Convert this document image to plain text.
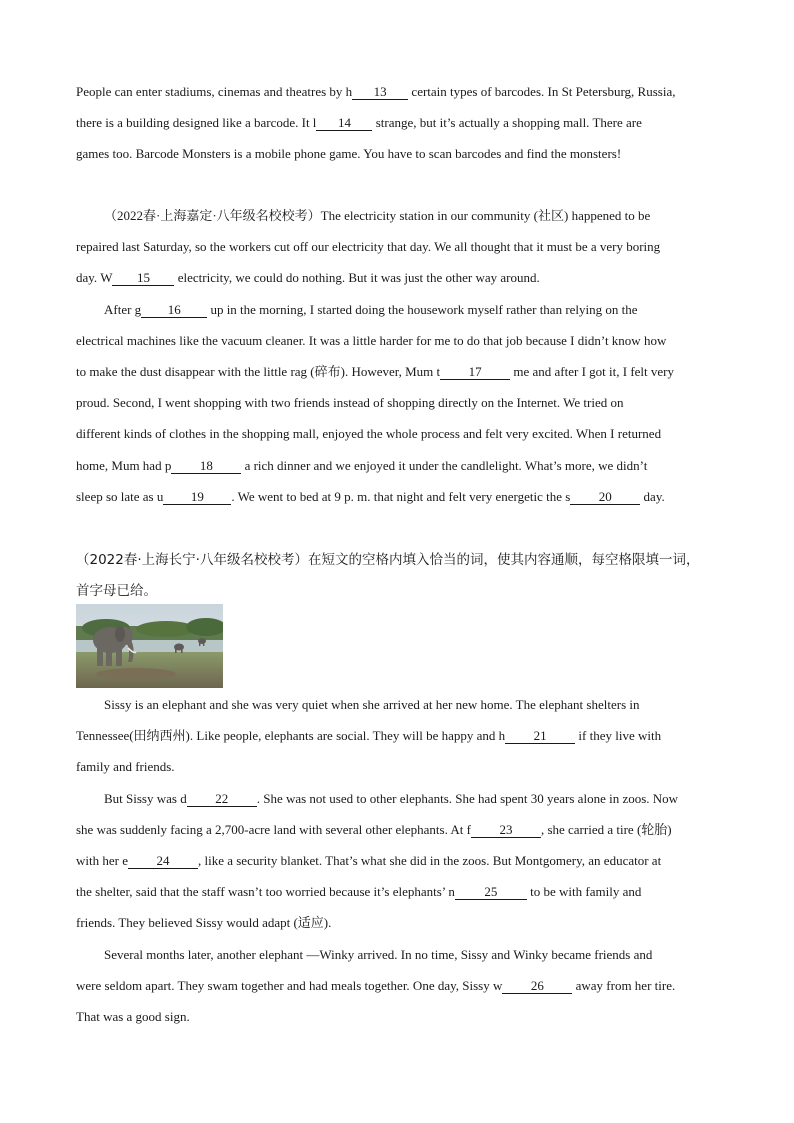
People can enter stadiums, cinemas and theatres by h 13 certain types of barcodes. In St Petersburg, Russia,
there is a building designed like a barcode. It l 14 strange, but it’s actually a shopping mall. There are
games too. Barcode Monsters is a mobile phone game. You have to scan barcodes and find the monsters!
（2022春·上海嘉定·八年级名校校考）The electricity station in our community (社区) happened to be
repaired last Saturday, so the workers cut off our electricity that day. We all thought that it must be a very boring
day. W 15 electricity, we could do nothing. But it was just the other way around.
After g 16 up in the morning, I started doing the housework myself rather than relying on the
electrical machines like the vacuum cleaner. It was a little harder for me to do that job because I didn’t know how
to make the dust disappear with the little rag (碎布). However, Mum t 17 me and after I got it, I felt very
proud. Second, I went shopping with two friends instead of shopping directly on the Internet. We tried on
different kinds of clothes in the shopping mall, enjoyed the whole process and felt very excited. When I returned
home, Mum had p 18 a rich dinner and we enjoyed it under the candlelight. What’s more, we didn’t
sleep so late as u 19 . We went to bed at 9 p. m. that night and felt very energetic the s 20 day.
（2022春·上海长宁·八年级名校校考）在短文的空格内填入恰当的词，使其内容通顺，每空格限填一词，
首字母已给。
Sissy is an elephant and she was very quiet when she arrived at her new home. The elephant shelters in
Tennessee(田纳西州). Like people, elephants are social. They will be happy and h 21 if they live with
family and friends.
But Sissy was d 22 . She was not used to other elephants. She had spent 30 years alone in zoos. Now
she was suddenly facing a 2,700-acre land with several other elephants. At f 23 , she carried a tire (轮胎)
with her e 24 , like a security blanket. That’s what she did in the zoos. But Montgomery, an educator at
the shelter, said that the staff wasn’t too worried because it’s elephants’ n 25 to be with family and
friends. They believed Sissy would adapt (适应).
Several months later, another elephant —Winky arrived. In no time, Sissy and Winky became friends and
were seldom apart. They swam together and had meals together. One day, Sissy w 26 away from her tire.
That was a good sign.
